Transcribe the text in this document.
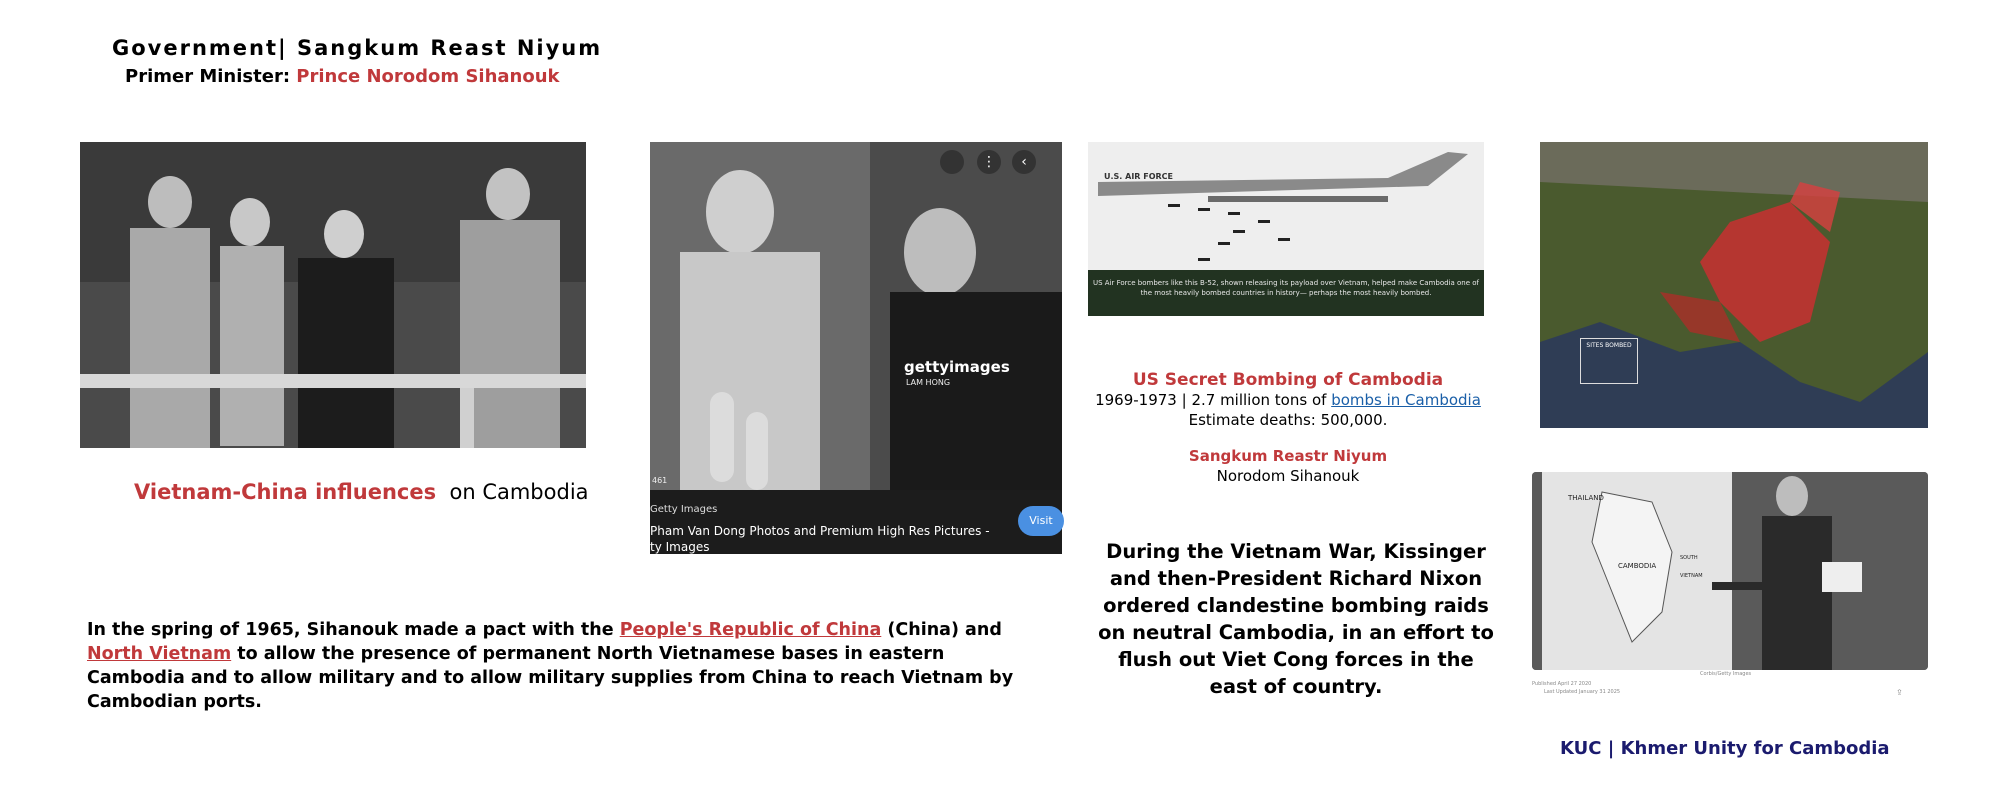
Government| Sangkum Reast Niyum
Primer Minister: Prince Norodom Sihanouk
Vietnam-China influences on Cambodia
⋮	‹
gettyimages
LAM HONG
461
Getty Images
Pham Van Dong Photos and Premium High Res Pictures -
ty Images
Visit
In the spring of 1965, Sihanouk made a pact with the People's Republic of China (China) and North Vietnam to allow the presence of permanent North Vietnamese bases in eastern Cambodia and to allow military and to allow military supplies from China to reach Vietnam by Cambodian ports.
U.S. AIR FORCE
US Air Force bombers like this B-52, shown releasing its payload over Vietnam, helped make Cambodia one of the most heavily bombed countries in history— perhaps the most heavily bombed.
US Secret Bombing of Cambodia
1969-1973 | 2.7 million tons of bombs in Cambodia
Estimate deaths: 500,000.
Sangkum Reastr Niyum
Norodom Sihanouk
During the Vietnam War, Kissinger and then-President Richard Nixon ordered clandestine bombing raids on neutral Cambodia, in an effort to flush out Viet Cong forces in the east of country.
SITES BOMBED
THAILAND
CAMBODIA
SOUTH
VIETNAM
Published April 27 2020
Last Updated January 31 2025
Corbis/Getty Images
⇪
KUC | Khmer Unity for Cambodia
